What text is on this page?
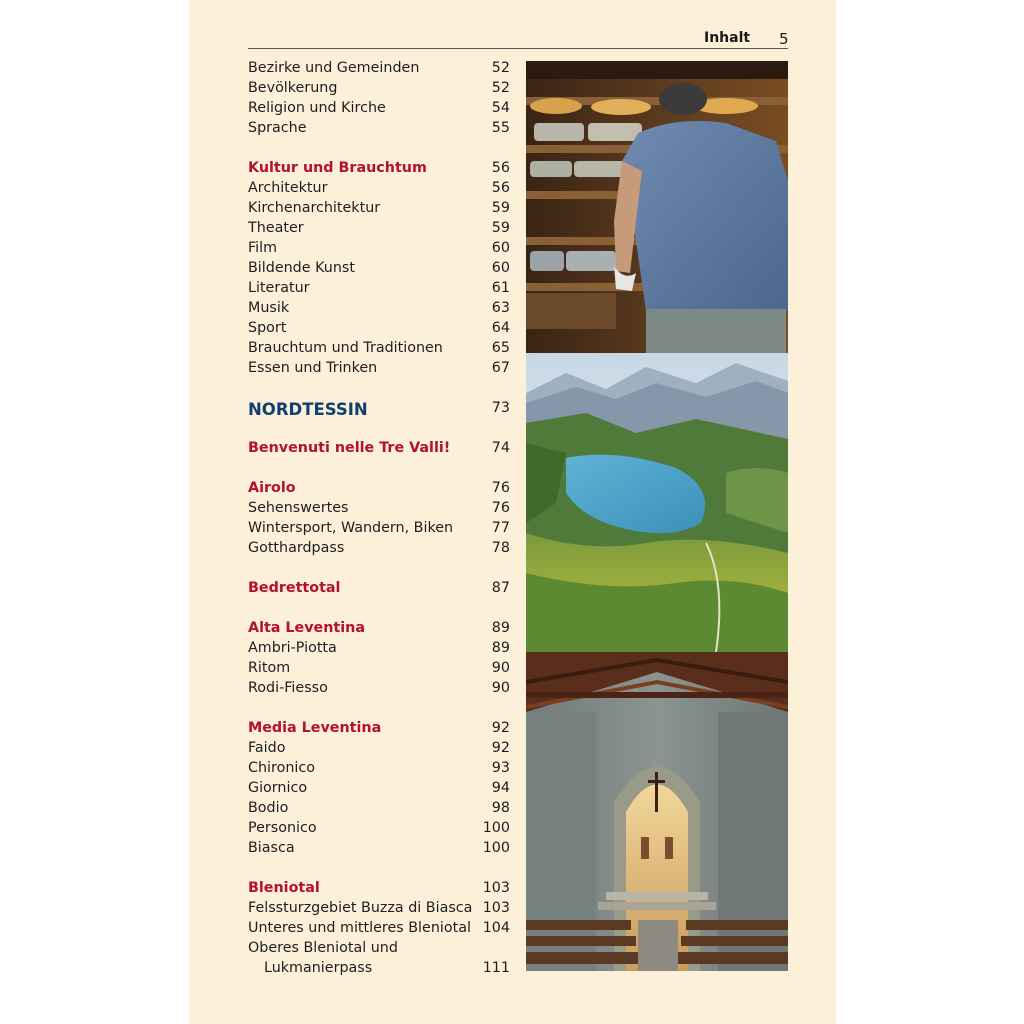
Inhalt 5
Bezirke und Gemeinden	52
Bevölkerung	52
Religion und Kirche	54
Sprache	55
Kultur und Brauchtum	56
Architektur	56
Kirchenarchitektur	59
Theater	59
Film	60
Bildende Kunst	60
Literatur	61
Musik	63
Sport	64
Brauchtum und Traditionen	65
Essen und Trinken	67
NORDTESSIN	73
Benvenuti nelle Tre Valli!	74
Airolo	76
Sehenswertes	76
Wintersport, Wandern, Biken	77
Gotthardpass	78
Bedrettotal	87
Alta Leventina	89
Ambri-Piotta	89
Ritom	90
Rodi-Fiesso	90
Media Leventina	92
Faido	92
Chironico	93
Giornico	94
Bodio	98
Personico	100
Biasca	100
Bleniotal	103
Felssturzgebiet Buzza di Biasca 103
Unteres und mittleres Bleniotal 104
Oberes Bleniotal und
Lukmanierpass	111
